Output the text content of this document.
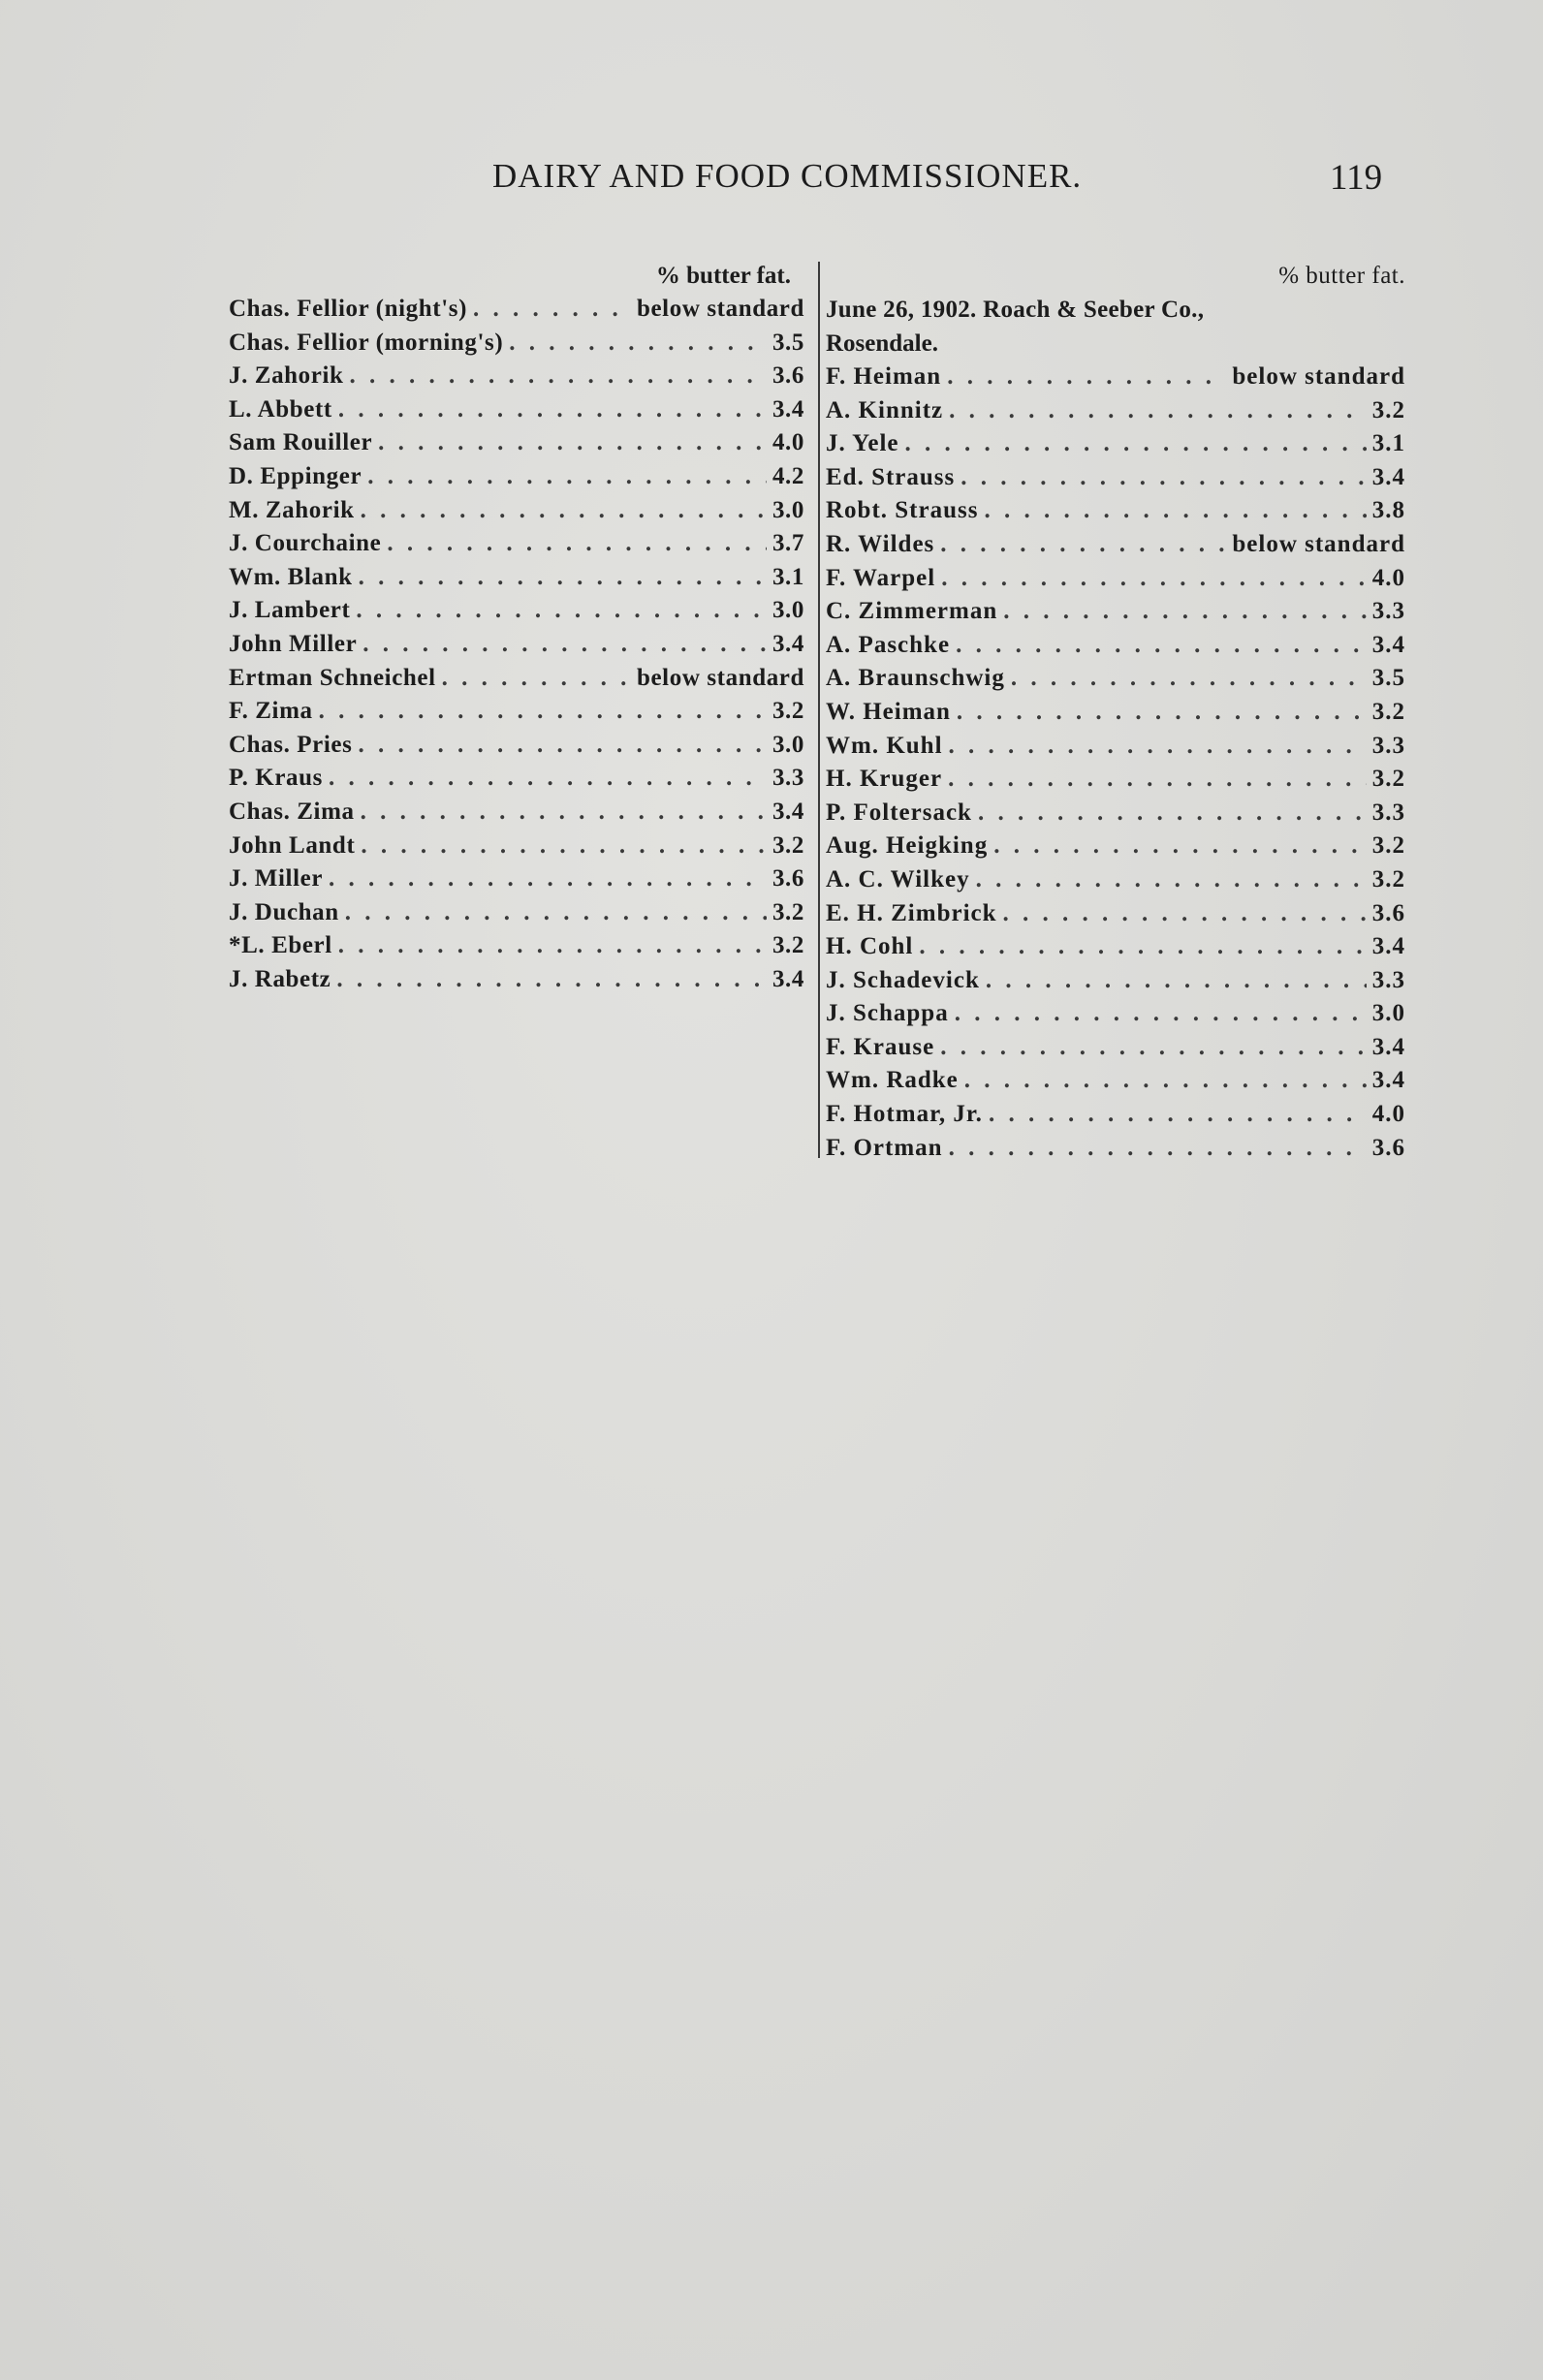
DAIRY AND FOOD COMMISSIONER.	119
% butter fat.
Chas. Fellior (night's) . . .	below standard
Chas. Fellior (morning's) . . .	3.5
J. Zahorik . . .	3.6
L. Abbett . . .	3.4
Sam Rouiller . . .	4.0
D. Eppinger . . .	4.2
M. Zahorik . . .	3.0
J. Courchaine . . .	3.7
Wm. Blank . . .	3.1
J. Lambert . . .	3.0
John Miller . . .	3.4
Ertman Schneichel . . .	below standard
F. Zima . . .	3.2
Chas. Pries . . .	3.0
P. Kraus . . .	3.3
Chas. Zima . . .	3.4
John Landt . . .	3.2
J. Miller . . .	3.6
J. Duchan . . .	3.2
*L. Eberl . . .	3.2
J. Rabetz . . .	3.4
% butter fat.
June 26, 1902. Roach & Seeber Co.,
Rosendale.
F. Heiman . . .	below standard
A. Kinnitz . . .	3.2
J. Yele . . .	3.1
Ed. Strauss . . .	3.4
Robt. Strauss . . .	3.8
R. Wildes . . .	below standard
F. Warpel . . .	4.0
C. Zimmerman . . .	3.3
A. Paschke . . .	3.4
A. Braunschwig . . .	3.5
W. Heiman . . .	3.2
Wm. Kuhl . . .	3.3
H. Kruger . . .	3.2
P. Foltersack . . .	3.3
Aug. Heigking . . .	3.2
A. C. Wilkey . . .	3.2
E. H. Zimbrick . . .	3.6
H. Cohl . . .	3.4
J. Schadevick . . .	3.3
J. Schappa . . .	3.0
F. Krause . . .	3.4
Wm. Radke . . .	3.4
F. Hotmar, Jr. . . .	4.0
F. Ortman . . .	3.6
